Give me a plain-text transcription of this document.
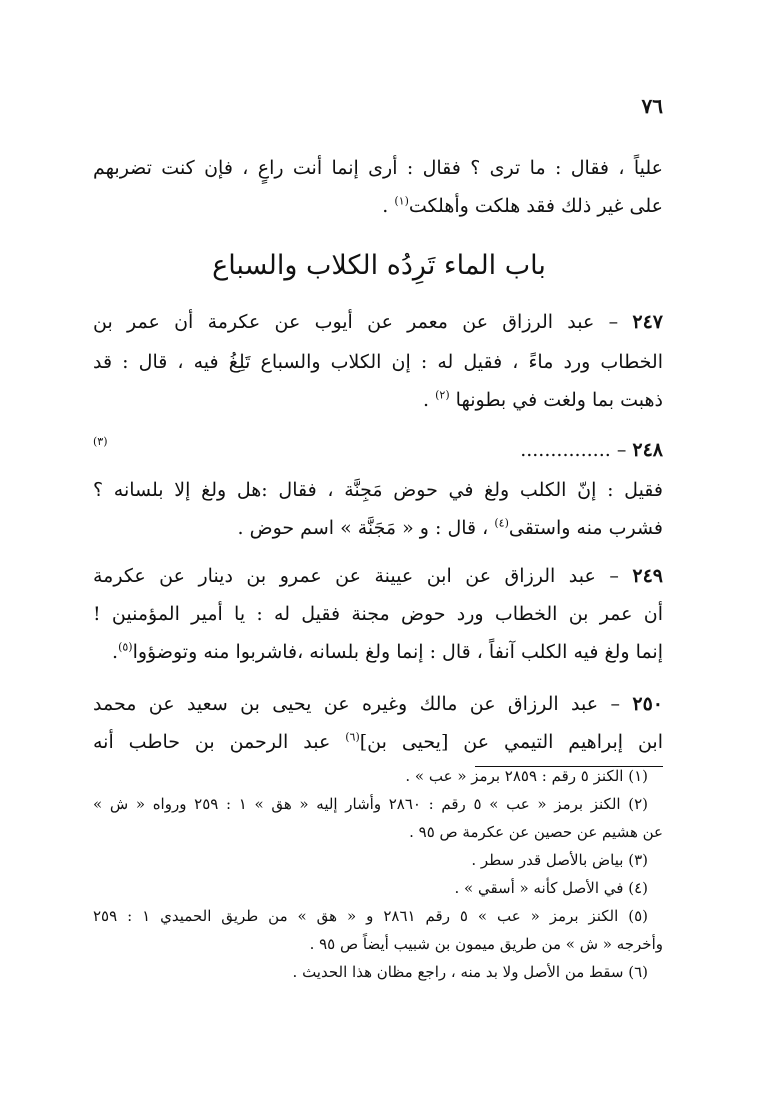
٧٦
علياً ، فقال : ما ترى ؟ فقال : أرى إنما أنت راعٍ ، فإن كنت تضربهم
على غير ذلك فقد هلكت وأهلكت$^{(١)}$ .
باب الماء تَرِدُه الكلاب والسباع
٢٤٧ – عبد الرزاق عن معمر عن أيوب عن عكرمة أن عمر بن
الخطاب ورد ماءً ، فقيل له : إن الكلاب والسباع تَلِغُ فيه ، قال : قد
ذهبت بما ولغت في بطونها $^{(٢)}$ .
٢٤٨ – ...............
(٣)
فقيل : إنّ الكلب ولغ في حوض مَجِنَّة ، فقال :هل ولغ إلا بلسانه ؟
فشرب منه واستقى$^{(٤)}$ ، قال : و « مَجَنَّة » اسم حوض .
٢٤٩ – عبد الرزاق عن ابن عيينة عن عمرو بن دينار عن عكرمة
أن عمر بن الخطاب ورد حوض مجنة فقيل له : يا أمير المؤمنين !
إنما ولغ فيه الكلب آنفاً ، قال : إنما ولغ بلسانه ،فاشربوا منه وتوضؤوا$^{(٥)}$.
٢٥٠ – عبد الرزاق عن مالك وغيره عن يحيى بن سعيد عن محمد
ابن إبراهيم التيمي عن [يحيى بن]$^{(٦)}$ عبد الرحمن بن حاطب أنه
(١) الكنز ٥ رقم : ٢٨٥٩ برمز « عب » .
(٢) الكنز برمز « عب » ٥ رقم : ٢٨٦٠ وأشار إليه « هق » ١ : ٢٥٩ ورواه « ش »
عن هشيم عن حصين عن عكرمة ص ٩٥ .
(٣) بياض بالأصل قدر سطر .
(٤) في الأصل كأنه « أسقي » .
(٥) الكنز برمز « عب » ٥ رقم ٢٨٦١ و « هق » من طريق الحميدي ١ : ٢٥٩
وأخرجه « ش » من طريق ميمون بن شبيب أيضاً ص ٩٥ .
(٦) سقط من الأصل ولا بد منه ، راجع مظان هذا الحديث .
